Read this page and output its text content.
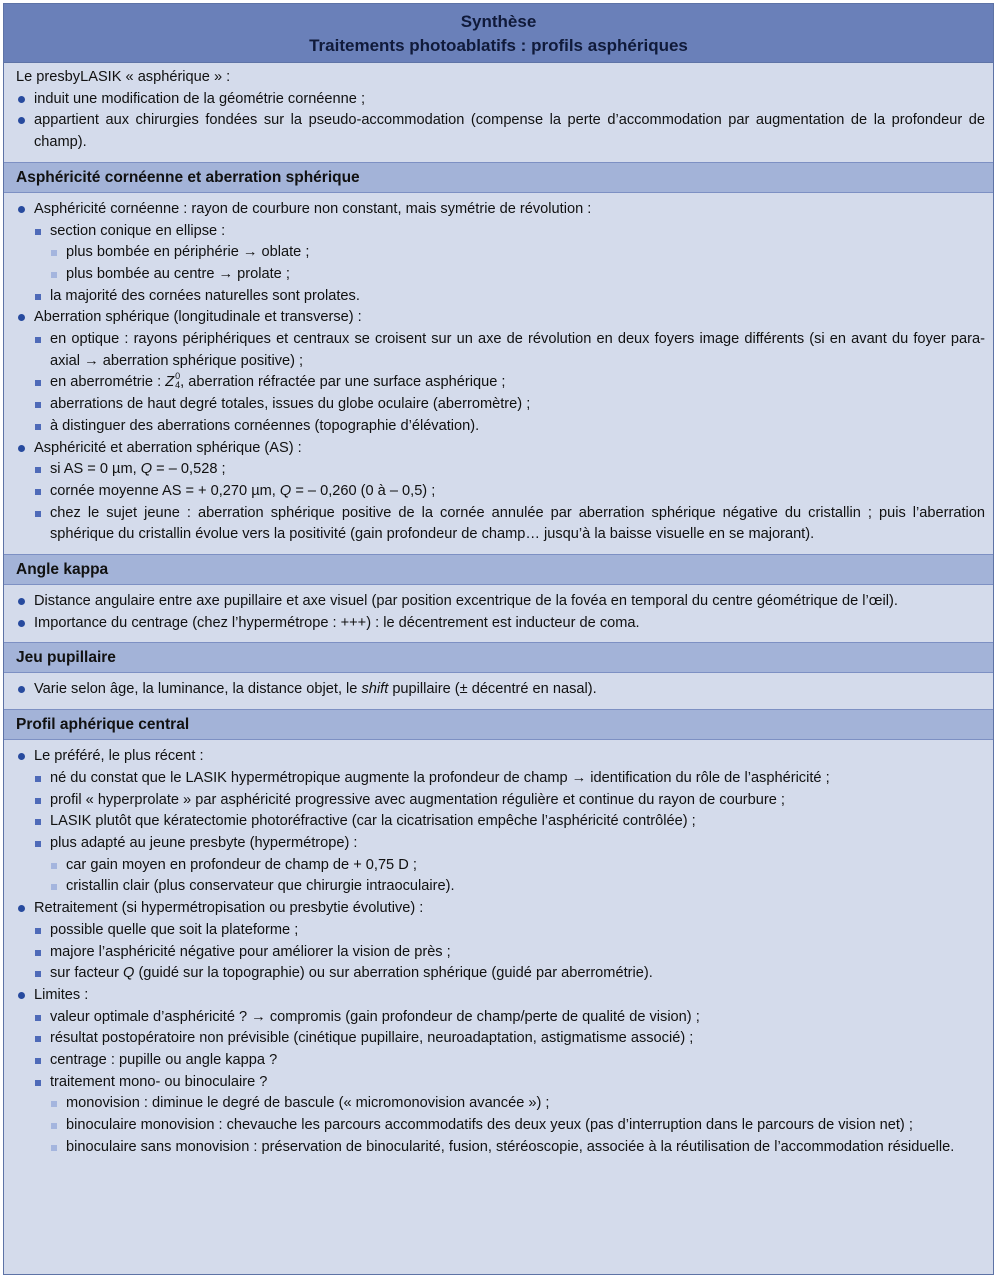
Synthèse
Traitements photoablatifs : profils asphériques

Le presbyLASIK « asphérique » :

induit une modification de la géométrie cornéenne ;
appartient aux chirurgies fondées sur la pseudo-accommodation (compense la perte d’accommodation par augmentation de la profondeur de champ).
Asphéricité cornéenne et aberration sphérique
Asphéricité cornéenne : rayon de courbure non constant, mais symétrie de révolution :
section conique en ellipse :
plus bombée en périphérie → oblate ;
plus bombée au centre → prolate ;
la majorité des cornées naturelles sont prolates.
Aberration sphérique (longitudinale et transverse) :
en optique : rayons périphériques et centraux se croisent sur un axe de révolution en deux foyers image différents (si en avant du foyer para-axial → aberration sphérique positive) ;
en aberrométrie : Z 0
4 , aberration réfractée par une surface asphérique ;
aberrations de haut degré totales, issues du globe oculaire (aberromètre) ;
à distinguer des aberrations cornéennes (topographie d’élévation).
Asphéricité et aberration sphérique (AS) :
si AS = 0 µm, Q = – 0,528 ;
cornée moyenne AS = + 0,270 µm, Q = – 0,260 (0 à – 0,5) ;
chez le sujet jeune : aberration sphérique positive de la cornée annulée par aberration sphérique négative du cristallin ; puis l’aberration sphérique du cristallin évolue vers la positivité (gain profondeur de champ… jusqu’à la baisse visuelle en se majorant).
Angle kappa
Distance angulaire entre axe pupillaire et axe visuel (par position excentrique de la fovéa en temporal du centre géométrique de l’œil).
Importance du centrage (chez l’hypermétrope : +++) : le décentrement est inducteur de coma.
Jeu pupillaire
Varie selon âge, la luminance, la distance objet, le shift pupillaire (± décentré en nasal).
Profil aphérique central
Le préféré, le plus récent :
né du constat que le LASIK hypermétropique augmente la profondeur de champ → identification du rôle de l’asphéricité ;
profil « hyperprolate » par asphéricité progressive avec augmentation régulière et continue du rayon de courbure ;
LASIK plutôt que kératectomie photoréfractive (car la cicatrisation empêche l’asphéricité contrôlée) ;
plus adapté au jeune presbyte (hypermétrope) :
car gain moyen en profondeur de champ de + 0,75 D ;
cristallin clair (plus conservateur que chirurgie intraoculaire).
Retraitement (si hypermétropisation ou presbytie évolutive) :
possible quelle que soit la plateforme ;
majore l’asphéricité négative pour améliorer la vision de près ;
sur facteur Q (guidé sur la topographie) ou sur aberration sphérique (guidé par aberrométrie).
Limites :
valeur optimale d’asphéricité ? → compromis (gain profondeur de champ/perte de qualité de vision) ;
résultat postopératoire non prévisible (cinétique pupillaire, neuroadaptation, astigmatisme associé) ;
centrage : pupille ou angle kappa ?
traitement mono- ou binoculaire ?
monovision : diminue le degré de bascule (« micromonovision avancée ») ;
binoculaire monovision : chevauche les parcours accommodatifs des deux yeux (pas d’interruption dans le parcours de vision net) ;
binoculaire sans monovision : préservation de binocularité, fusion, stéréoscopie, associée à la réutilisation de l’accommodation résiduelle.
